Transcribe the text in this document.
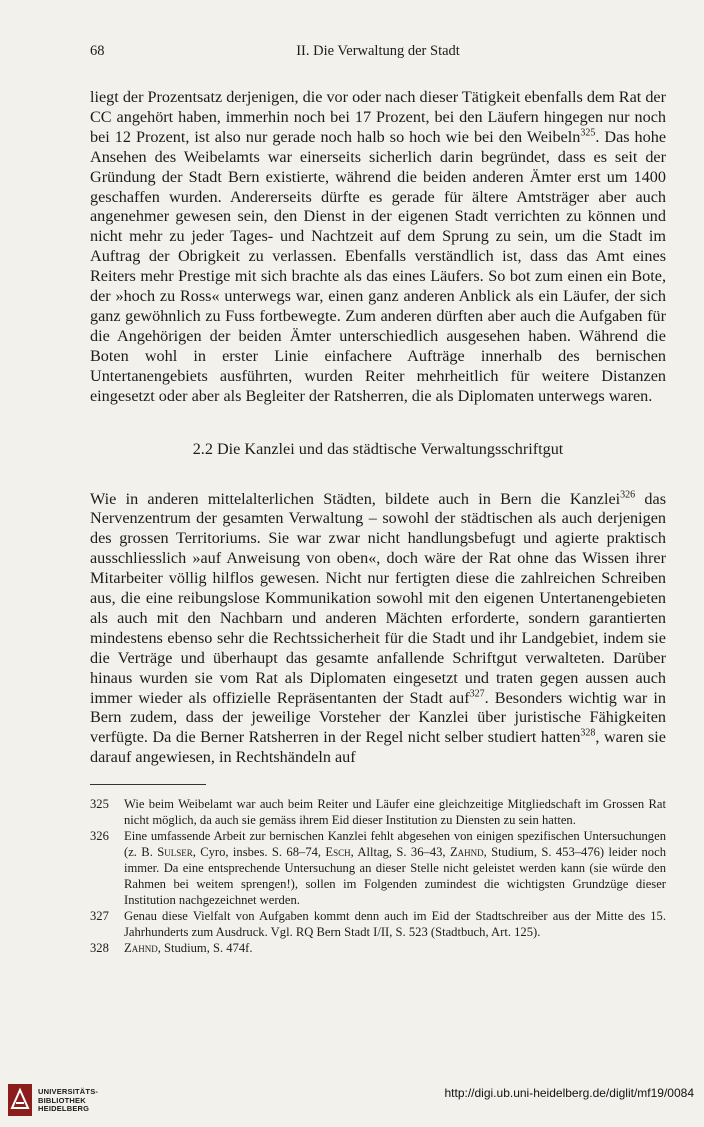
68	II. Die Verwaltung der Stadt

liegt der Prozentsatz derjenigen, die vor oder nach dieser Tätigkeit ebenfalls dem Rat der CC angehört haben, immerhin noch bei 17 Prozent, bei den Läufern hingegen nur noch bei 12 Prozent, ist also nur gerade noch halb so hoch wie bei den Weibeln$^{325}$. Das hohe Ansehen des Weibelamts war einerseits sicherlich darin begründet, dass es seit der Gründung der Stadt Bern existierte, während die beiden anderen Ämter erst um 1400 geschaffen wurden. Andererseits dürfte es gerade für ältere Amtsträger aber auch angenehmer gewesen sein, den Dienst in der eigenen Stadt verrichten zu können und nicht mehr zu jeder Tages- und Nachtzeit auf dem Sprung zu sein, um die Stadt im Auftrag der Obrigkeit zu verlassen. Ebenfalls verständlich ist, dass das Amt eines Reiters mehr Prestige mit sich brachte als das eines Läufers. So bot zum einen ein Bote, der »hoch zu Ross« unterwegs war, einen ganz anderen Anblick als ein Läufer, der sich ganz gewöhnlich zu Fuss fortbewegte. Zum anderen dürften aber auch die Aufgaben für die Angehörigen der beiden Ämter unterschiedlich ausgesehen haben. Während die Boten wohl in erster Linie einfachere Aufträge innerhalb des bernischen Untertanengebiets ausführten, wurden Reiter mehrheitlich für weitere Distanzen eingesetzt oder aber als Begleiter der Ratsherren, die als Diplomaten unterwegs waren.

2.2 Die Kanzlei und das städtische Verwaltungsschriftgut

Wie in anderen mittelalterlichen Städten, bildete auch in Bern die Kanzlei$^{326}$ das Nervenzentrum der gesamten Verwaltung – sowohl der städtischen als auch derjenigen des grossen Territoriums. Sie war zwar nicht handlungsbefugt und agierte praktisch ausschliesslich »auf Anweisung von oben«, doch wäre der Rat ohne das Wissen ihrer Mitarbeiter völlig hilflos gewesen. Nicht nur fertigten diese die zahlreichen Schreiben aus, die eine reibungslose Kommunikation sowohl mit den eigenen Untertanengebieten als auch mit den Nachbarn und anderen Mächten erforderte, sondern garantierten mindestens ebenso sehr die Rechtssicherheit für die Stadt und ihr Landgebiet, indem sie die Verträge und überhaupt das gesamte anfallende Schriftgut verwalteten. Darüber hinaus wurden sie vom Rat als Diplomaten eingesetzt und traten gegen aussen auch immer wieder als offizielle Repräsentanten der Stadt auf$^{327}$. Besonders wichtig war in Bern zudem, dass der jeweilige Vorsteher der Kanzlei über juristische Fähigkeiten verfügte. Da die Berner Ratsherren in der Regel nicht selber studiert hatten$^{328}$, waren sie darauf angewiesen, in Rechtshändeln auf

325 Wie beim Weibelamt war auch beim Reiter und Läufer eine gleichzeitige Mitgliedschaft im Grossen Rat nicht möglich, da auch sie gemäss ihrem Eid dieser Institution zu Diensten zu sein hatten.

326 Eine umfassende Arbeit zur bernischen Kanzlei fehlt abgesehen von einigen spezifischen Untersuchungen (z. B. Sulser, Cyro, insbes. S. 68–74, Esch, Alltag, S. 36–43, Zahnd, Studium, S. 453–476) leider noch immer. Da eine entsprechende Untersuchung an dieser Stelle nicht geleistet werden kann (sie würde den Rahmen bei weitem sprengen!), sollen im Folgenden zumindest die wichtigsten Grundzüge dieser Institution nachgezeichnet werden.

327 Genau diese Vielfalt von Aufgaben kommt denn auch im Eid der Stadtschreiber aus der Mitte des 15. Jahrhunderts zum Ausdruck. Vgl. RQ Bern Stadt I/II, S. 523 (Stadtbuch, Art. 125).

328 Zahnd, Studium, S. 474f.

UNIVERSITÄTS-
BIBLIOTHEK
HEIDELBERG
http://digi.ub.uni-heidelberg.de/diglit/mf19/0084
